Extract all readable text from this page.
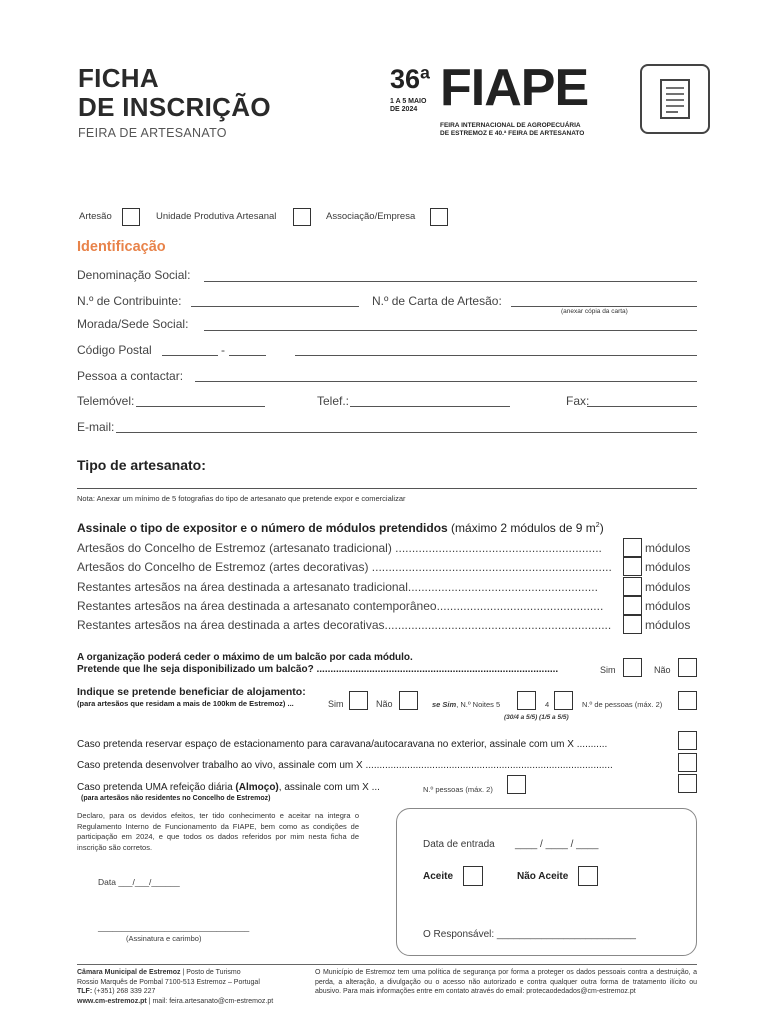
FICHA
DE INSCRIÇÃO
FEIRA DE ARTESANATO
36ª
1 A 5 MAIO
DE 2024 FIAPE
FEIRA INTERNACIONAL DE AGROPECUÁRIA
DE ESTREMOZ E 40.ª FEIRA DE ARTESANATO
Artesão	Unidade Produtiva Artesanal	Associação/Empresa
Identificação
Denominação Social:
N.º de Contribuinte:	N.º de Carta de Artesão:
(anexar cópia da carta)
Morada/Sede Social:
Código Postal	-
Pessoa a contactar:
Telemóvel:	Telef.:	Fax:
E-mail:
Tipo de artesanato:
Nota: Anexar um mínimo de 5 fotografias do tipo de artesanato que pretende expor e comercializar
Assinale o tipo de expositor e o número de módulos pretendidos (máximo 2 módulos de 9 $m^2$)
Artesãos do Concelho de Estremoz (artesanato tradicional) ..............................................................	módulos
Artesãos do Concelho de Estremoz (artes decorativas) ........................................................................	módulos
Restantes artesãos na área destinada a artesanato tradicional.........................................................	módulos
Restantes artesãos na área destinada a artesanato contemporâneo..................................................	módulos
Restantes artesãos na área destinada a artes decorativas....................................................................	módulos
A organização poderá ceder o máximo de um balcão por cada módulo.
Pretende que lhe seja disponibilizado um balcão? .......................................................................................	Sim	Não
Indique se pretende beneficiar de alojamento:
(para artesãos que residam a mais de 100km de Estremoz) ...	Sim	Não	se Sim, N.º Noites 5	4	N.º de pessoas (máx. 2)
(30/4 a 5/5) (1/5 a 5/5)
Caso pretenda reservar espaço de estacionamento para caravana/autocaravana no exterior, assinale com um X ...........
Caso pretenda desenvolver trabalho ao vivo, assinale com um X .........................................................................................
Caso pretenda UMA refeição diária (Almoço), assinale com um X ...	N.º pessoas (máx. 2)
(para artesãos não residentes no Concelho de Estremoz)
Declaro, para os devidos efeitos, ter tido conhecimento e aceitar na integra o Regulamento Interno de Funcionamento da FIAPE, bem como as condições de participação em 2024, e que todos os dados referidos por mim nesta ficha de inscrição são corretos.
Data ___/___/______
________________________________
(Assinatura e carimbo)
Data de entrada ____ / ____ / ____
Aceite	Não Aceite
O Responsável: _________________________
Câmara Municipal de Estremoz | Posto de Turismo
Rossio Marquês de Pombal 7100-513 Estremoz – Portugal
TLF: (+351) 268 339 227
www.cm-estremoz.pt | mail: feira.artesanato@cm-estremoz.pt
O Município de Estremoz tem uma política de segurança por forma a proteger os dados pessoais contra a destruição, a perda, a alteração, a divulgação ou o acesso não autorizado e contra qualquer outra forma de tratamento ilícito ou abusivo. Para mais informações entre em contato através do email: protecaodedados@cm-estremoz.pt
